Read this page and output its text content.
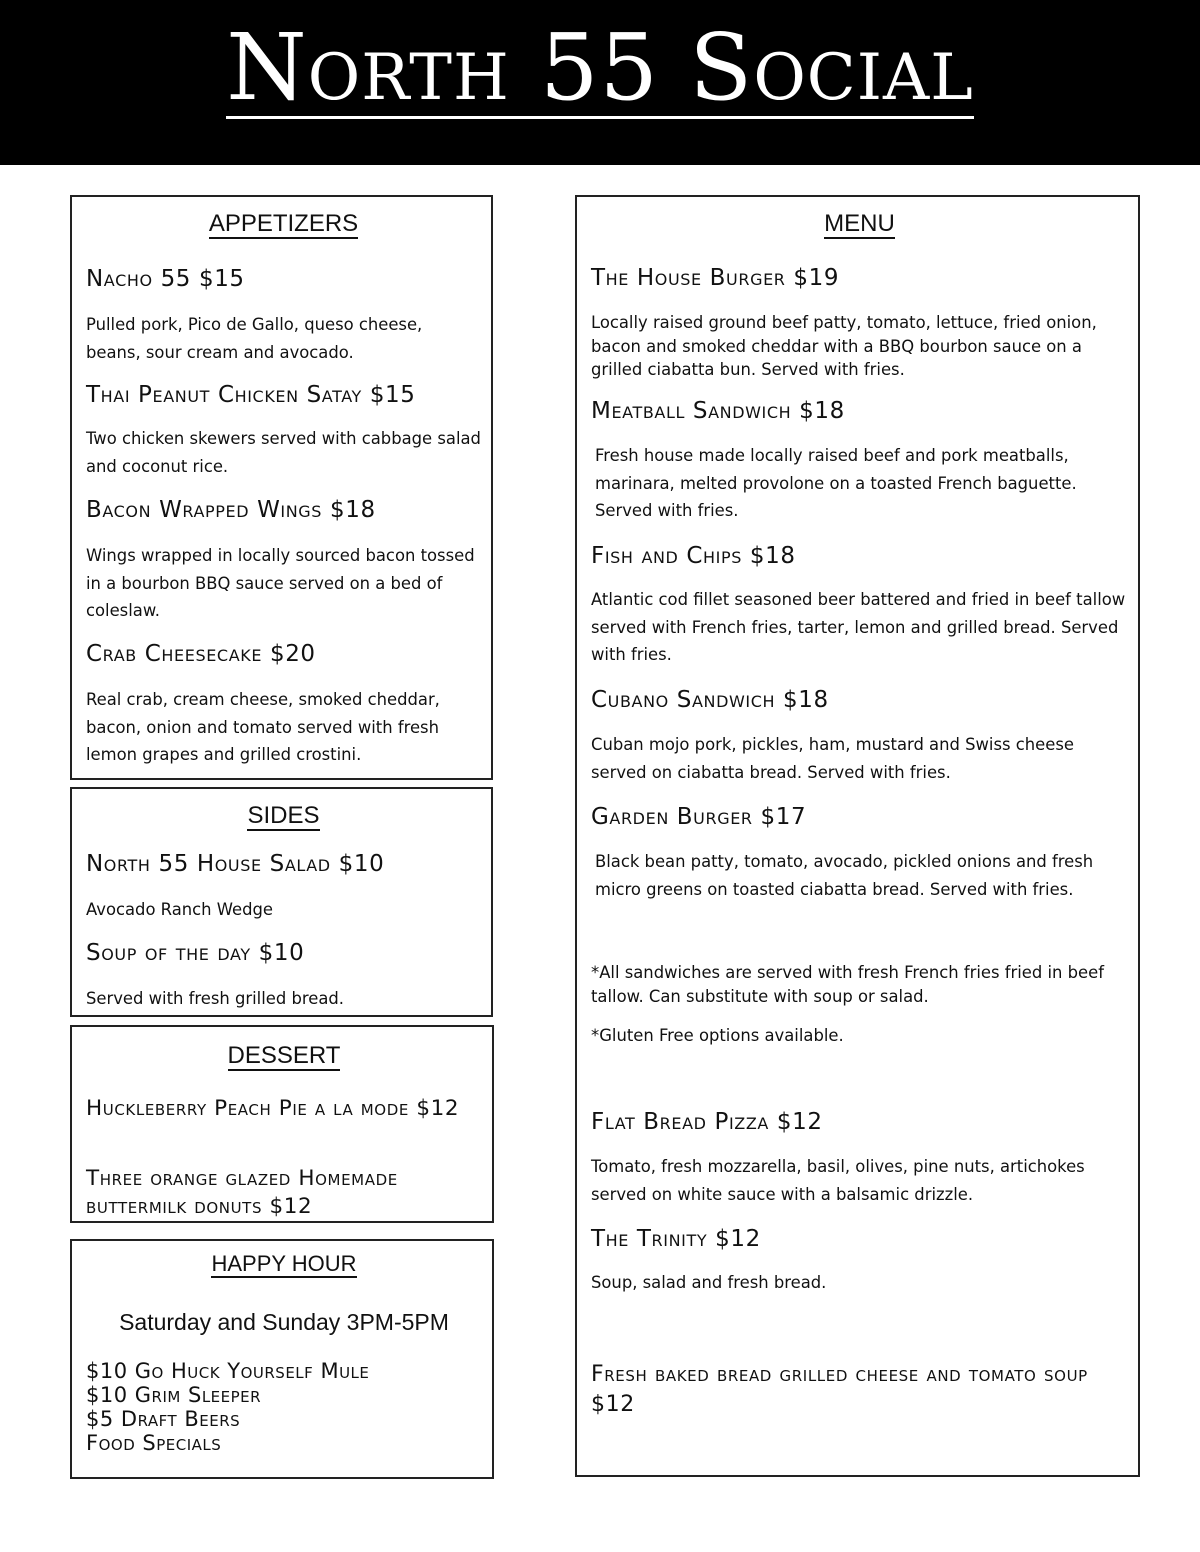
North 55 Social
APPETIZERS
Nacho 55 $15
Pulled pork, Pico de Gallo, queso cheese, beans, sour cream and avocado.
Thai Peanut Chicken Satay $15
Two chicken skewers served with cabbage salad and coconut rice.
Bacon Wrapped Wings $18
Wings wrapped in locally sourced bacon tossed in a bourbon BBQ sauce served on a bed of coleslaw.
Crab Cheesecake $20
Real crab, cream cheese, smoked cheddar, bacon, onion and tomato served with fresh lemon grapes and grilled crostini.
SIDES
North 55 House Salad $10
Avocado Ranch Wedge
Soup of the day $10
Served with fresh grilled bread.
DESSERT
Huckleberry Peach Pie a la mode $12
Three orange glazed Homemade buttermilk donuts $12
HAPPY HOUR
Saturday and Sunday 3PM-5PM
$10 Go Huck Yourself Mule
$10 Grim Sleeper
$5 Draft Beers
Food Specials
MENU
The House Burger $19
Locally raised ground beef patty, tomato, lettuce, fried onion, bacon and smoked cheddar with a BBQ bourbon sauce on a grilled ciabatta bun. Served with fries.
Meatball Sandwich $18
Fresh house made locally raised beef and pork meatballs, marinara, melted provolone on a toasted French baguette. Served with fries.
Fish and Chips $18
Atlantic cod fillet seasoned beer battered and fried in beef tallow served with French fries, tarter, lemon and grilled bread. Served with fries.
Cubano Sandwich $18
Cuban mojo pork, pickles, ham, mustard and Swiss cheese served on ciabatta bread. Served with fries.
Garden Burger $17
Black bean patty, tomato, avocado, pickled onions and fresh micro greens on toasted ciabatta bread. Served with fries.
*All sandwiches are served with fresh French fries fried in beef tallow. Can substitute with soup or salad.
*Gluten Free options available.
Flat Bread Pizza $12
Tomato, fresh mozzarella, basil, olives, pine nuts, artichokes served on white sauce with a balsamic drizzle.
The Trinity $12
Soup, salad and fresh bread.
Fresh baked bread grilled cheese and tomato soup $12
